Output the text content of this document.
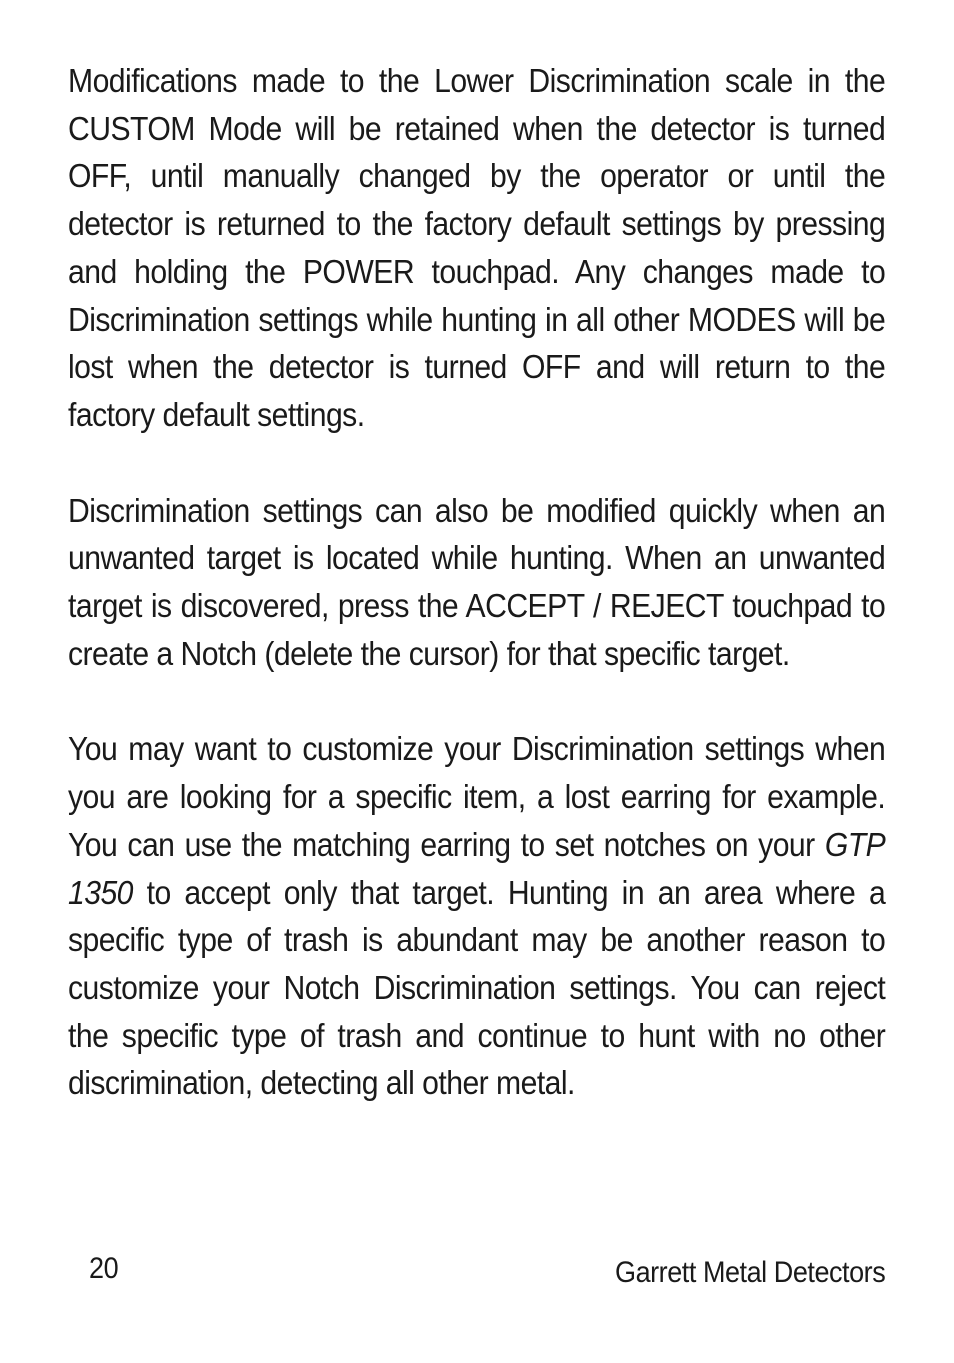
Modifications made to the Lower Discrimination scale in the CUSTOM Mode will be retained when the detector is turned OFF, until manually changed by the operator or until the detector is returned to the factory default settings by pressing and holding the POWER touchpad. Any changes made to Discrimination settings while hunting in all other MODES will be lost when the detector is turned OFF and will return to the factory default settings.

Discrimination settings can also be modified quickly when an unwanted target is located while hunting. When an unwanted target is discovered, press the ACCEPT / REJECT touchpad to create a Notch (delete the cursor) for that specific target.

You may want to customize your Discrimination settings when you are looking for a specific item, a lost earring for example. You can use the matching earring to set notches on your GTP 1350 to accept only that target. Hunting in an area where a specific type of trash is abundant may be another reason to customize your Notch Discrimination settings. You can reject the specific type of trash and continue to hunt with no other discrimination, detecting all other metal.

20	Garrett Metal Detectors
